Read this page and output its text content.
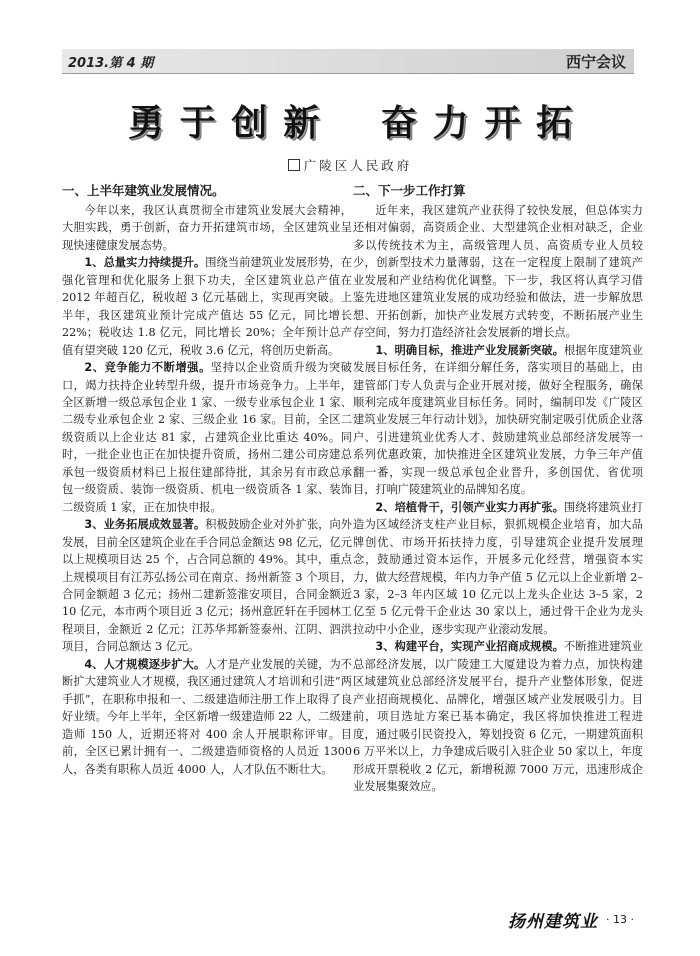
2013.第 4 期	西宁会议
勇 于 创 新 奋 力 开 拓
广陵区人民政府
一、上半年建筑业发展情况。

今年以来，我区认真贯彻全市建筑业发展大会精神，大胆实践，勇于创新，奋力开拓建筑市场，全区建筑业呈现快速健康发展态势。

1、总量实力持续提升。围绕当前建筑业发展形势，在强化管理和优化服务上狠下功夫，全区建筑业总产值在 2012 年超百亿，税收超 3 亿元基础上，实现再突破。上半年，我区建筑业预计完成产值达 55 亿元，同比增长 22%；税收达 1.8 亿元，同比增长 20%；全年预计总产值有望突破 120 亿元，税收 3.6 亿元，将创历史新高。

2、竞争能力不断增强。坚持以企业资质升级为突破口，竭力扶持企业转型升级，提升市场竞争力。上半年，全区新增一级总承包企业 1 家、一级专业承包企业 1 家、二级专业承包企业 2 家、三级企业 16 家。目前，全区二级资质以上企业达 81 家，占建筑企业比重达 40%。同时，一批企业也正在加快提升资质，扬州二建公司房建总承包一级资质材料已上报住建部待批，其余另有市政总承包一级资质、装饰一级资质、机电一级资质各 1 家、装饰二级资质 1 家，正在加快申报。

3、业务拓展成效显著。积极鼓励企业对外扩张，向外发展，目前全区建筑企业在手合同总金额达 98 亿元，亿元以上规模项目达 25 个，占合同总额的 49%。其中，重点上规模项目有江苏弘扬公司在南京、扬州新签 3 个项目，合同金额超 3 亿元；扬州二建新签淮安项目，合同金额近 10 亿元，本市两个项目近 3 亿元；扬州意匠轩在手园林工程项目，金额近 2 亿元；江苏华邦新签泰州、江阴、泗洪项目，合同总额达 3 亿元。

4、人才规模逐步扩大。人才是产业发展的关键，为不断扩大建筑业人才规模，我区通过建筑人才培训和引进“两手抓”，在职称申报和一、二级建造师注册工作上取得了良好业绩。今年上半年，全区新增一级建造师 22 人，二级建造师 150 人，近期还将对 400 余人开展职称评审。目前，全区已累计拥有一、二级建造师资格的人员近 1300 人，各类有职称人员近 4000 人，人才队伍不断壮大。

二、下一步工作打算

近年来，我区建筑产业获得了较快发展，但总体实力还相对偏弱，高资质企业、大型建筑企业相对缺乏，企业多以传统技术为主，高级管理人员、高资质专业人员较少，创新型技术力量薄弱，这在一定程度上限制了建筑产业发展和产业结构优化调整。下一步，我区将认真学习借鉴先进地区建筑业发展的成功经验和做法，进一步解放思想、开拓创新，加快产业发展方式转变，不断拓展产业生存空间，努力打造经济社会发展新的增长点。

1、明确目标，推进产业发展新突破。根据年度建筑业发展目标任务，在详细分解任务，落实项目的基础上，由建管部门专人负责与企业开展对接，做好全程服务，确保顺利完成年度建筑业目标任务。同时，编制印发《广陵区建筑业发展三年行动计划》，加快研究制定吸引优质企业落户、引进建筑业优秀人才、鼓励建筑业总部经济发展等一系列优惠政策，加快推进全区建筑业发展，力争三年产值翻一番，实现一级总承包企业晋升，多创国优、省优项目，打响广陵建筑业的品牌知名度。

2、培植骨干，引领产业实力再扩张。围绕将建筑业打造为区域经济支柱产业目标，狠抓规模企业培育，加大品牌创优、市场开拓扶持力度，引导建筑企业提升发展理念，鼓励通过资本运作，开展多元化经营，增强资本实力，做大经营规模，年内力争产值 5 亿元以上企业新增 2–3 家，2–3 年内区域 10 亿元以上龙头企业达 3–5 家，2 亿至 5 亿元骨干企业达 30 家以上，通过骨干企业为龙头拉动中小企业，逐步实现产业滚动发展。

3、构建平台，实现产业招商成规模。不断推进建筑业总部经济发展，以广陵建工大厦建设为着力点，加快构建区域建筑业总部经济发展平台，提升产业整体形象，促进产业招商规模化、品牌化，增强区域产业发展吸引力。目前，项目选址方案已基本确定，我区将加快推进工程进度，通过吸引民资投入，筹划投资 6 亿元，一期建筑面积 6 万平米以上，力争建成后吸引入驻企业 50 家以上，年度形成开票税收 2 亿元，新增税源 7000 万元，迅速形成企业发展集聚效应。

扬州建筑业 · 13 ·
